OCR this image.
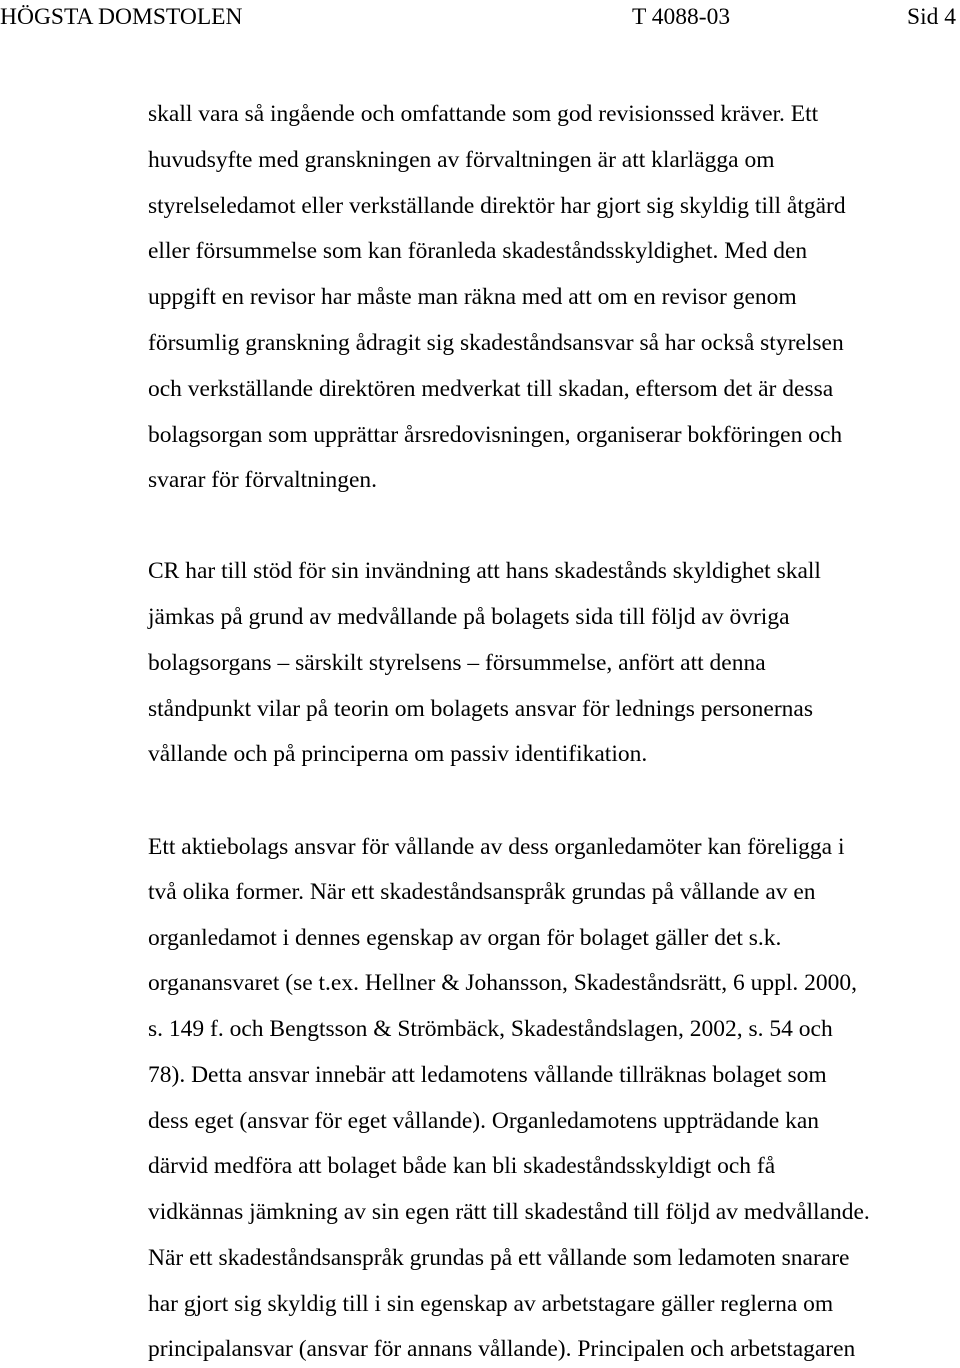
HÖGSTA DOMSTOLEN	T 4088-03	Sid 4
skall vara så ingående och omfattande som god revisionssed kräver. Ett
huvudsyfte med granskningen av förvaltningen är att klarlägga om
styrelseledamot eller verkställande direktör har gjort sig skyldig till åtgärd
eller försummelse som kan föranleda skadeståndsskyldighet. Med den
uppgift en revisor har måste man räkna med att om en revisor genom
försumlig granskning ådragit sig skadeståndsansvar så har också styrelsen
och verkställande direktören medverkat till skadan, eftersom det är dessa
bolagsorgan som upprättar årsredovisningen, organiserar bokföringen och
svarar för förvaltningen.
CR har till stöd för sin invändning att hans skadestånds skyldighet skall
jämkas på grund av medvållande på bolagets sida till följd av övriga
bolagsorgans – särskilt styrelsens – försummelse, anfört att denna
ståndpunkt vilar på teorin om bolagets ansvar för lednings personernas
vållande och på principerna om passiv identifikation.
Ett aktiebolags ansvar för vållande av dess organledamöter kan föreligga i
två olika former. När ett skadeståndsanspråk grundas på vållande av en
organledamot i dennes egenskap av organ för bolaget gäller det s.k.
organansvaret (se t.ex. Hellner & Johansson, Skadeståndsrätt, 6 uppl. 2000,
s. 149 f. och Bengtsson & Strömbäck, Skadeståndslagen, 2002, s. 54 och
78). Detta ansvar innebär att ledamotens vållande tillräknas bolaget som
dess eget (ansvar för eget vållande). Organledamotens uppträdande kan
därvid medföra att bolaget både kan bli skadeståndsskyldigt och få
vidkännas jämkning av sin egen rätt till skadestånd till följd av medvållande.
När ett skadeståndsanspråk grundas på ett vållande som ledamoten snarare
har gjort sig skyldig till i sin egenskap av arbetstagare gäller reglerna om
principalansvar (ansvar för annans vållande). Principalen och arbetstagaren
